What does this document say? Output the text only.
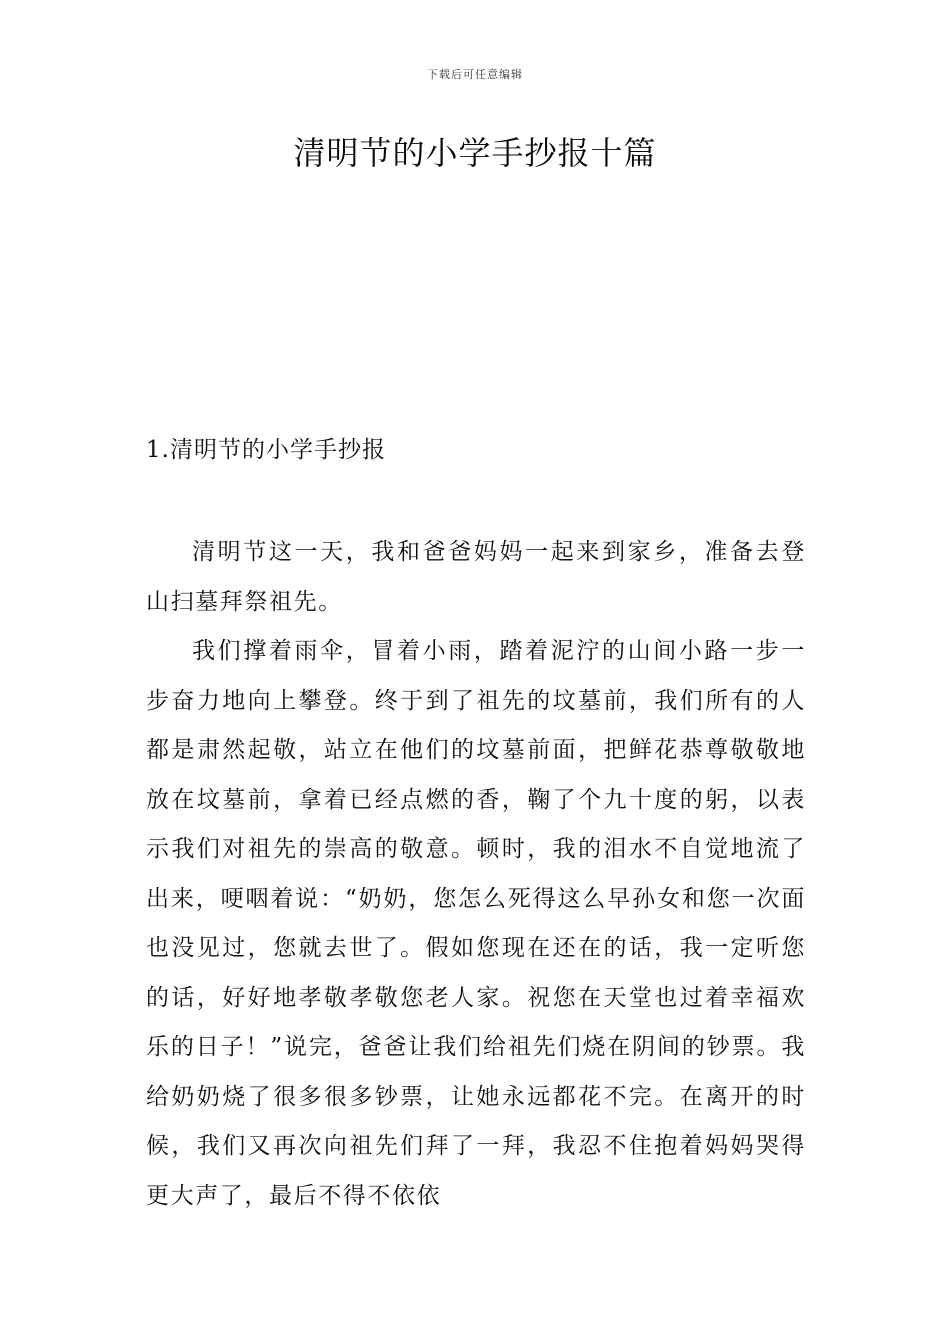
下载后可任意编辑
清明节的小学手抄报十篇
1.清明节的小学手抄报

清明节这一天，我和爸爸妈妈一起来到家乡，准备去登山扫墓拜祭祖先。

我们撑着雨伞，冒着小雨，踏着泥泞的山间小路一步一步奋力地向上攀登。终于到了祖先的坟墓前，我们所有的人都是肃然起敬，站立在他们的坟墓前面，把鲜花恭尊敬敬地放在坟墓前，拿着已经点燃的香，鞠了个九十度的躬，以表示我们对祖先的崇高的敬意。顿时，我的泪水不自觉地流了出来，哽咽着说：“奶奶，您怎么死得这么早孙女和您一次面也没见过，您就去世了。假如您现在还在的话，我一定听您的话，好好地孝敬孝敬您老人家。祝您在天堂也过着幸福欢乐的日子！”说完，爸爸让我们给祖先们烧在阴间的钞票。我给奶奶烧了很多很多钞票，让她永远都花不完。在离开的时候，我们又再次向祖先们拜了一拜，我忍不住抱着妈妈哭得更大声了，最后不得不依依
